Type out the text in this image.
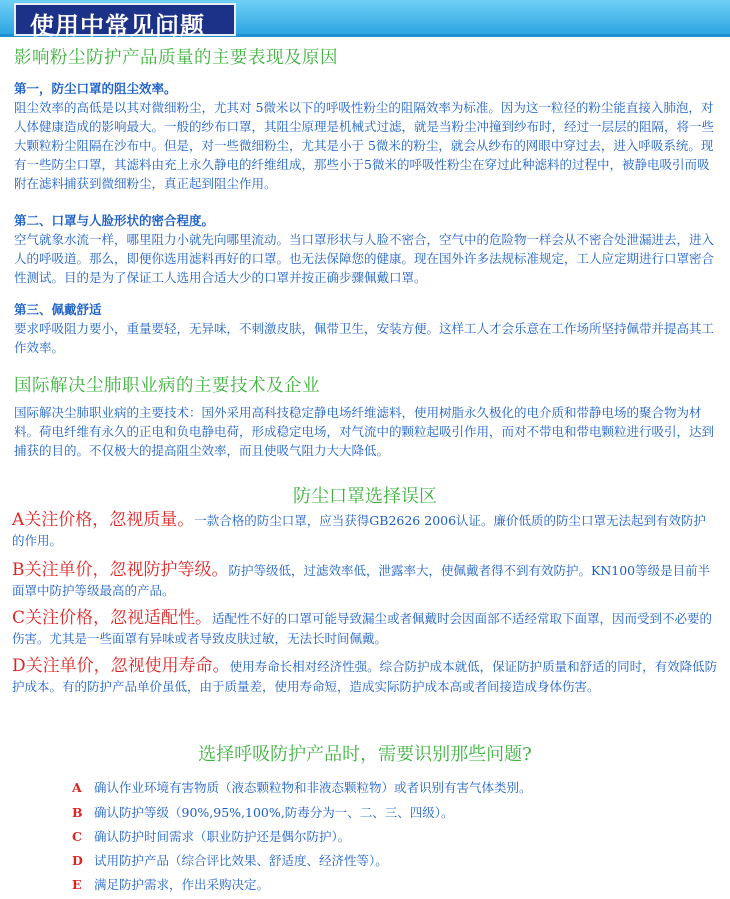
使用中常见问题
影响粉尘防护产品质量的主要表现及原因
第一，防尘口罩的阻尘效率。
阻尘效率的高低是以其对微细粉尘，尤其对 5微米以下的呼吸性粉尘的阻隔效率为标准。因为这一粒径的粉尘能直接入肺泡，对人体健康造成的影响最大。一般的纱布口罩，其阻尘原理是机械式过滤，就是当粉尘冲撞到纱布时，经过一层层的阻隔，将一些大颗粒粉尘阻隔在沙布中。但是，对一些微细粉尘，尤其是小于 5微米的粉尘，就会从纱布的网眼中穿过去，进入呼吸系统。现有一些防尘口罩，其滤料由充上永久静电的纤维组成，那些小于5微米的呼吸性粉尘在穿过此种滤料的过程中，被静电吸引而吸附在滤料捕获到微细粉尘，真正起到阻尘作用。
第二、口罩与人脸形状的密合程度。
空气就象水流一样，哪里阻力小就先向哪里流动。当口罩形状与人脸不密合，空气中的危险物一样会从不密合处泄漏进去，进入人的呼吸道。那么，即便你选用滤料再好的口罩。也无法保障您的健康。现在国外许多法规标准规定，工人应定期进行口罩密合性测试。目的是为了保证工人选用合适大少的口罩并按正确步骤佩戴口罩。
第三、佩戴舒适
要求呼吸阻力要小，重量要轻，无异味，不刺激皮肤，佩带卫生，安装方便。这样工人才会乐意在工作场所坚持佩带并提高其工作效率。
国际解决尘肺职业病的主要技术及企业
国际解决尘肺职业病的主要技术：国外采用高科技稳定静电场纤维滤料，使用树脂永久极化的电介质和带静电场的聚合物为材料。荷电纤维有永久的正电和负电静电荷，形成稳定电场，对气流中的颗粒起吸引作用，而对不带电和带电颗粒进行吸引，达到捕获的目的。不仅极大的提高阻尘效率，而且使吸气阻力大大降低。
防尘口罩选择误区
A关注价格，忽视质量。一款合格的防尘口罩，应当获得GB2626 2006认证。廉价低质的防尘口罩无法起到有效防护的作用。
B关注单价，忽视防护等级。防护等级低，过滤效率低，泄露率大，使佩戴者得不到有效防护。KN100等级是目前半面罩中防护等级最高的产品。
C关注价格，忽视适配性。适配性不好的口罩可能导致漏尘或者佩戴时会因面部不适经常取下面罩，因而受到不必要的伤害。尤其是一些面罩有异味或者导致皮肤过敏，无法长时间佩戴。
D关注单价，忽视使用寿命。使用寿命长相对经济性强。综合防护成本就低，保证防护质量和舒适的同时，有效降低防护成本。有的防护产品单价虽低，由于质量差，使用寿命短，造成实际防护成本高或者间接造成身体伤害。
选择呼吸防护产品时，需要识别那些问题?
A 确认作业环境有害物质（液态颗粒物和非液态颗粒物）或者识别有害气体类别。
B 确认防护等级（90%,95%,100%,防毒分为一、二、三、四级）。
C 确认防护时间需求（职业防护还是偶尔防护）。
D 试用防护产品（综合评比效果、舒适度、经济性等）。
E 满足防护需求，作出采购决定。
